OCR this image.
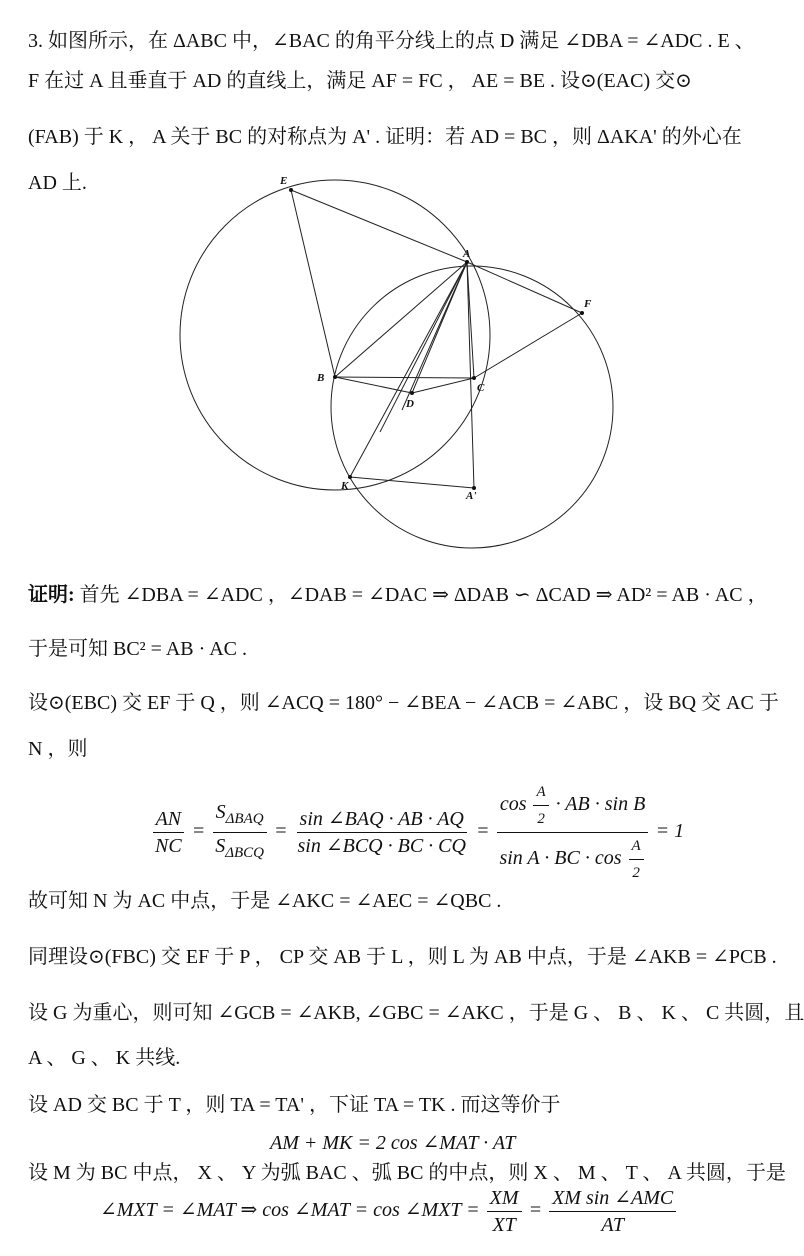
3. 如图所示，在 ΔABC 中，∠BAC 的角平分线上的点 D 满足 ∠DBA = ∠ADC . E 、
F 在过 A 且垂直于 AD 的直线上，满足 AF = FC ， AE = BE . 设⊙(EAC) 交⊙
(FAB) 于 K ， A 关于 BC 的对称点为 A' . 证明：若 AD = BC ，则 ΔAKA' 的外心在
AD 上.	E
A
F
B
C
D
K
A'
证明: 首先 ∠DBA = ∠ADC ，∠DAB = ∠DAC ⇒ ΔDAB ∽ ΔCAD ⇒ AD² = AB · AC ，
于是可知 BC² = AB · AC .
设⊙(EBC) 交 EF 于 Q ，则 ∠ACQ = 180° − ∠BEA − ∠ACB = ∠ABC ，设 BQ 交 AC 于
N ，则
$\frac{AN}{NC} = \frac{S_{\Delta BAQ}}{S_{\Delta BCQ}} = \frac{\text{sin ∠BAQ · AB · AQ}}{\text{sin ∠BCQ · BC · CQ}} = \frac{\cos \frac{A}{2} \cdot AB \cdot \sin B}{\sin A \cdot BC \cdot \cos \frac{A}{2}} = 1$
故可知 N 为 AC 中点，于是 ∠AKC = ∠AEC = ∠QBC .
同理设⊙(FBC) 交 EF 于 P ， CP 交 AB 于 L ，则 L 为 AB 中点，于是 ∠AKB = ∠PCB .
设 G 为重心，则可知 ∠GCB = ∠AKB, ∠GBC = ∠AKC ，于是 G 、 B 、 K 、 C 共圆，且
A 、 G 、 K 共线.
设 AD 交 BC 于 T ，则 TA = TA' ，下证 TA = TK . 而这等价于
AM + MK = 2 cos ∠MAT · AT
设 M 为 BC 中点， X 、 Y 为弧 BAC 、弧 BC 的中点，则 X 、 M 、 T 、 A 共圆，于是
∠MXT = ∠MAT ⇒ cos ∠MAT = cos ∠MXT = $\frac{XM}{XT} = \frac{\text{XM sin ∠AMC}}{AT}$
